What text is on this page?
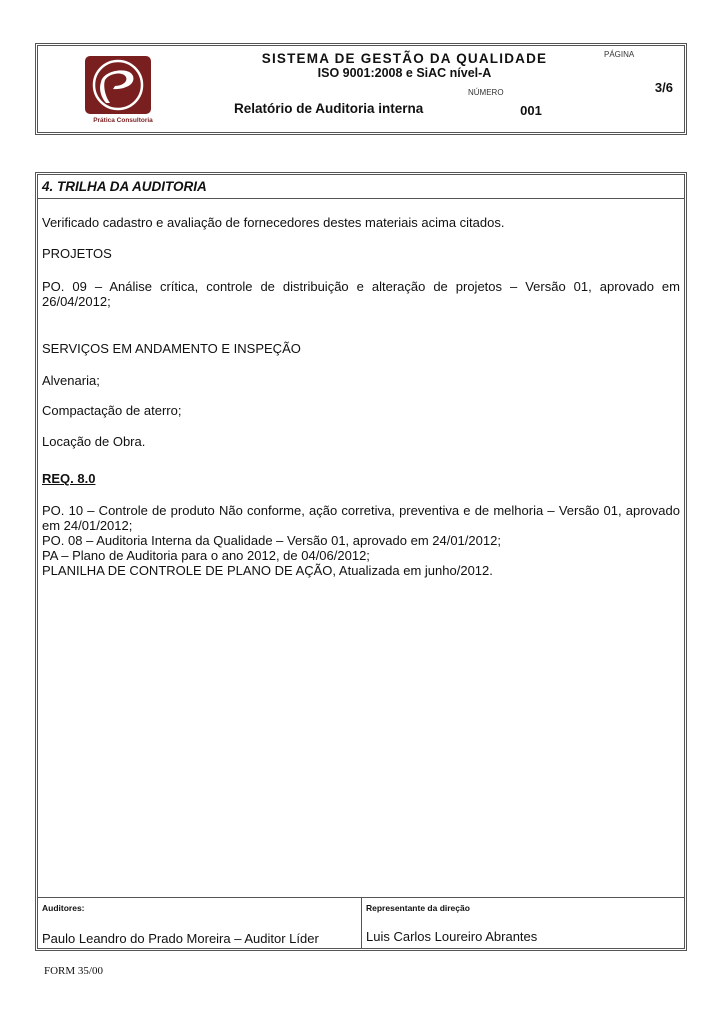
Prática Consultoria
SISTEMA DE GESTÃO DA QUALIDADE
ISO 9001:2008 e SiAC nível-A
Relatório de Auditoria interna
NÚMERO
001
PÁGINA
3/6
4. TRILHA DA AUDITORIA
Verificado cadastro e avaliação de fornecedores destes materiais acima citados.
PROJETOS
PO. 09 – Análise crítica, controle de distribuição e alteração de projetos – Versão 01, aprovado em 26/04/2012;
SERVIÇOS EM ANDAMENTO E INSPEÇÃO
Alvenaria;
Compactação de aterro;
Locação de Obra.
REQ. 8.0
PO. 10 – Controle de produto Não conforme, ação corretiva, preventiva e de melhoria – Versão 01, aprovado em 24/01/2012;
PO. 08 – Auditoria Interna da Qualidade – Versão 01, aprovado em 24/01/2012;
PA – Plano de Auditoria para o ano 2012, de 04/06/2012;
PLANILHA DE CONTROLE DE PLANO DE AÇÃO, Atualizada em junho/2012.
Auditores:
Paulo Leandro do Prado Moreira – Auditor Líder
Representante da direção
Luis Carlos Loureiro Abrantes
FORM 35/00
